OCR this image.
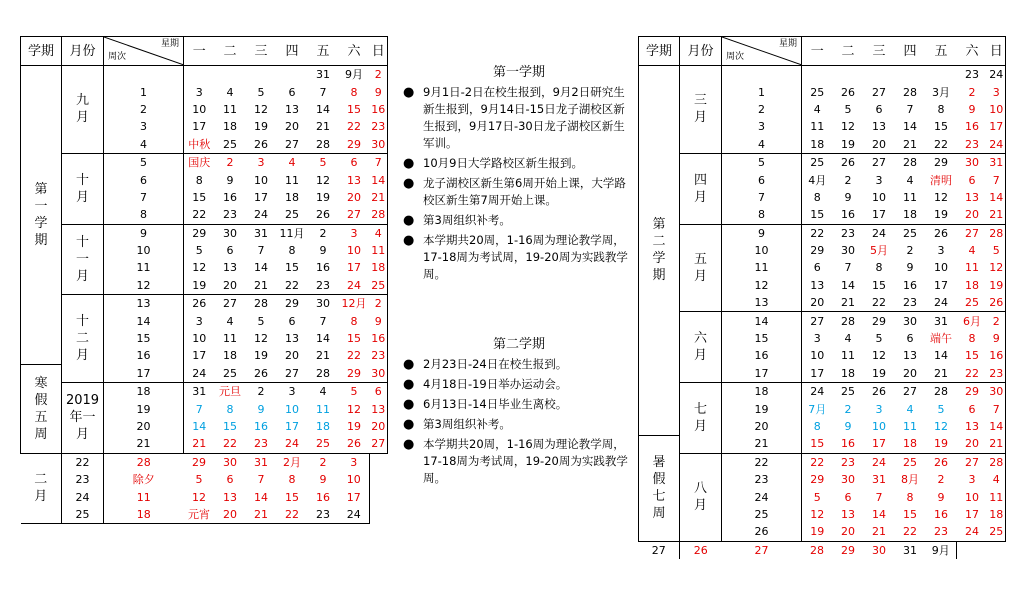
学期	月份	星期
周次	一	二	三	四	五	六	日
第一学期	九月						31	9月	2
		1	3	4	5	6	7	8	9
		2	10	11	12	13	14	15	16
		3	17	18	19	20	21	22	23
		4	中秋	25	26	27	28	29	30
	十月	5	国庆	2	3	4	5	6	7
		6	8	9	10	11	12	13	14
		7	15	16	17	18	19	20	21
		8	22	23	24	25	26	27	28
	十一月	9	29	30	31	11月	2	3	4
		10	5	6	7	8	9	10	11
		11	12	13	14	15	16	17	18
		12	19	20	21	22	23	24	25
	十二月	13	26	27	28	29	30	12月	2
		14	3	4	5	6	7	8	9
		15	10	11	12	13	14	15	16
		16	17	18	19	20	21	22	23
寒假五周		17	24	25	26	27	28	29	30
	2019年一月	18	31	元旦	2	3	4	5	6
		19	7	8	9	10	11	12	13
		20	14	15	16	17	18	19	20
		21	21	22	23	24	25	26	27
二月	22	28	29	30	31	2月	2	3	
	23	除夕	5	6	7	8	9	10	
	24	11	12	13	14	15	16	17	
	25	18	元宵	20	21	22	23	24	
学期	月份	星期
周次	一	二	三	四	五	六	日
第二学期	三月							23	24
		1	25	26	27	28	3月	2	3
		2	4	5	6	7	8	9	10
		3	11	12	13	14	15	16	17
		4	18	19	20	21	22	23	24
	四月	5	25	26	27	28	29	30	31
		6	4月	2	3	4	清明	6	7
		7	8	9	10	11	12	13	14
		8	15	16	17	18	19	20	21
	五月	9	22	23	24	25	26	27	28
		10	29	30	5月	2	3	4	5
		11	6	7	8	9	10	11	12
		12	13	14	15	16	17	18	19
		13	20	21	22	23	24	25	26
	六月	14	27	28	29	30	31	6月	2
		15	3	4	5	6	端午	8	9
		16	10	11	12	13	14	15	16
		17	17	18	19	20	21	22	23
	七月	18	24	25	26	27	28	29	30
		19	7月	2	3	4	5	6	7
		20	8	9	10	11	12	13	14
暑假七周		21	15	16	17	18	19	20	21
	八月	22	22	23	24	25	26	27	28
		23	29	30	31	8月	2	3	4
		24	5	6	7	8	9	10	11
		25	12	13	14	15	16	17	18
		26	19	20	21	22	23	24	25
27	26	27	28	29	30	31	9月		
第一学期
● 9月1日-2日在校生报到，9月2日研究生新生报到，9月14日-15日龙子湖校区新生报到，9月17日-30日龙子湖校区新生军训。
● 10月9日大学路校区新生报到。
● 龙子湖校区新生第6周开始上课，大学路校区新生第7周开始上课。
● 第3周组织补考。
● 本学期共20周，1-16周为理论教学周，17-18周为考试周，19-20周为实践教学周。
第二学期
● 2月23日-24日在校生报到。
● 4月18日-19日举办运动会。
● 6月13日-14日毕业生离校。
● 第3周组织补考。
● 本学期共20周，1-16周为理论教学周，17-18周为考试周，19-20周为实践教学周。
